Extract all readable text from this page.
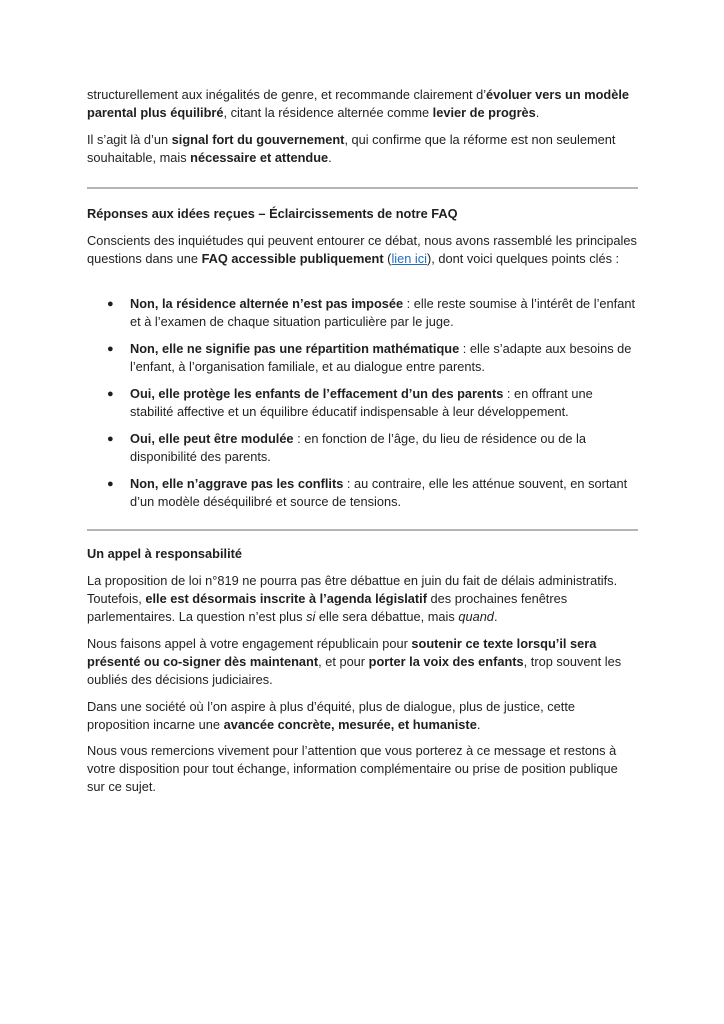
structurellement aux inégalités de genre, et recommande clairement d’évoluer vers un modèle parental plus équilibré, citant la résidence alternée comme levier de progrès.

Il s’agit là d’un signal fort du gouvernement, qui confirme que la réforme est non seulement souhaitable, mais nécessaire et attendue.

Réponses aux idées reçues – Éclaircissements de notre FAQ

Conscients des inquiétudes qui peuvent entourer ce débat, nous avons rassemblé les principales questions dans une FAQ accessible publiquement (lien ici), dont voici quelques points clés :

● Non, la résidence alternée n’est pas imposée : elle reste soumise à l’intérêt de l’enfant et à l’examen de chaque situation particulière par le juge.
● Non, elle ne signifie pas une répartition mathématique : elle s’adapte aux besoins de l’enfant, à l’organisation familiale, et au dialogue entre parents.
● Oui, elle protège les enfants de l’effacement d’un des parents : en offrant une stabilité affective et un équilibre éducatif indispensable à leur développement.
● Oui, elle peut être modulée : en fonction de l’âge, du lieu de résidence ou de la disponibilité des parents.
● Non, elle n’aggrave pas les conflits : au contraire, elle les atténue souvent, en sortant d’un modèle déséquilibré et source de tensions.

Un appel à responsabilité

La proposition de loi n°819 ne pourra pas être débattue en juin du fait de délais administratifs. Toutefois, elle est désormais inscrite à l’agenda législatif des prochaines fenêtres parlementaires. La question n’est plus si elle sera débattue, mais quand.

Nous faisons appel à votre engagement républicain pour soutenir ce texte lorsqu’il sera présenté ou co-signer dès maintenant, et pour porter la voix des enfants, trop souvent les oubliés des décisions judiciaires.

Dans une société où l’on aspire à plus d’équité, plus de dialogue, plus de justice, cette proposition incarne une avancée concrète, mesurée, et humaniste.

Nous vous remercions vivement pour l’attention que vous porterez à ce message et restons à votre disposition pour tout échange, information complémentaire ou prise de position publique sur ce sujet.
